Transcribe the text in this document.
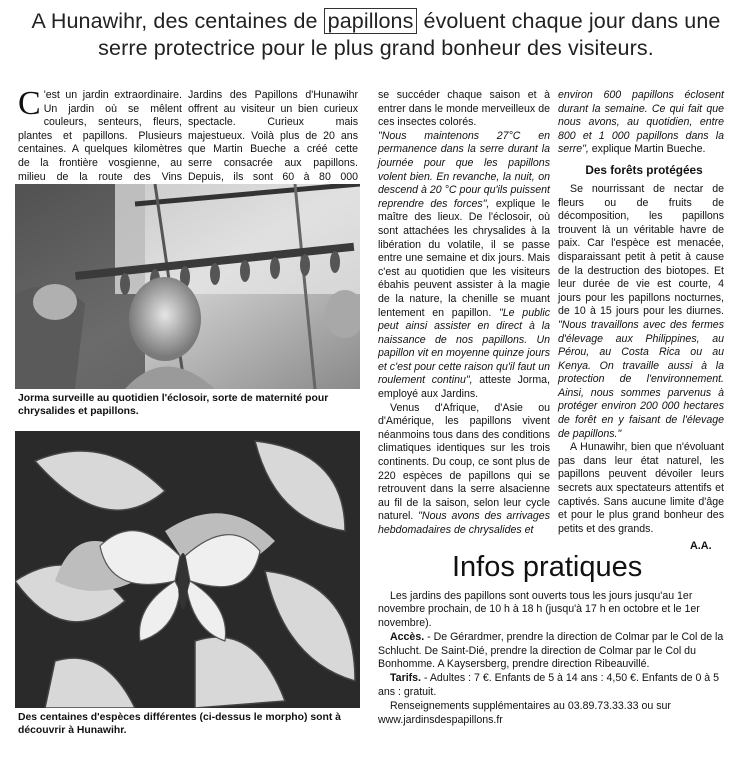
A Hunawihr, des centaines de papillons évoluent chaque jour dans une serre protectrice pour le plus grand bonheur des visiteurs.

C 'est un jardin extraordinaire. Un jardin où se mêlent couleurs, senteurs, fleurs, plantes et papillons. Plusieurs centaines. A quelques kilomètres de la frontière vosgienne, au milieu de la route des Vins

Jardins des Papillons d'Hunawihr offrent au visiteur un bien curieux spectacle. Curieux mais majestueux. Voilà plus de 20 ans que Martin Bueche a créé cette serre consacrée aux papillons. Depuis, ils sont 60 à 80 000

se succéder chaque saison et à entrer dans le monde merveilleux de ces insectes colorés.

"Nous maintenons 27°C en permanence dans la serre durant la journée pour que les papillons volent bien. En revanche, la nuit, on descend à 20 °C pour qu'ils puissent reprendre des forces", explique le maître des lieux. De l'éclosoir, où sont attachées les chrysalides à la libération du volatile, il se passe entre une semaine et dix jours. Mais c'est au quotidien que les visiteurs ébahis peuvent assister à la magie de la nature, la chenille se muant lentement en papillon. "Le public peut ainsi assister en direct à la naissance de nos papillons. Un papillon vit en moyenne quinze jours et c'est pour cette raison qu'il faut un roulement continu", atteste Jorma, employé aux Jardins.

Venus d'Afrique, d'Asie ou d'Amérique, les papillons vivent néanmoins tous dans des conditions climatiques identiques sur les trois continents. Du coup, ce sont plus de 220 espèces de papillons qui se retrouvent dans la serre alsacienne au fil de la saison, selon leur cycle naturel. "Nous avons des arrivages hebdomadaires de chrysalides et

environ 600 papillons éclosent durant la semaine. Ce qui fait que nous avons, au quotidien, entre 800 et 1 000 papillons dans la serre", explique Martin Bueche.

Se nourrissant de nectar de fleurs ou de fruits de décomposition, les papillons trouvent là un véritable havre de paix. Car l'espèce est menacée, disparaissant petit à petit à cause de la destruction des biotopes. Et leur durée de vie est courte, 4 jours pour les papillons nocturnes, de 10 à 15 jours pour les diurnes. "Nous travaillons avec des fermes d'élevage aux Philippines, au Pérou, au Costa Rica ou au Kenya. On travaille aussi à la protection de l'environnement. Ainsi, nous sommes parvenus à protéger environ 200 000 hectares de forêt en y faisant de l'élevage de papillons."

A Hunawihr, bien que n'évoluant pas dans leur état naturel, les papillons peuvent dévoiler leurs secrets aux spectateurs attentifs et captivés. Sans aucune limite d'âge et pour le plus grand bonheur des petits et des grands.

Des forêts protégées
A.A.
Jorma surveille au quotidien l'éclosoir, sorte de maternité pour chrysalides et papillons.
Des centaines d'espèces différentes (ci-dessus le morpho) sont à découvrir à Hunawihr.
Infos pratiques

Les jardins des papillons sont ouverts tous les jours jusqu'au 1er novembre prochain, de 10 h à 18 h (jusqu'à 17 h en octobre et le 1er novembre).

Accès. - De Gérardmer, prendre la direction de Colmar par le Col de la Schlucht. De Saint-Dié, prendre la direction de Colmar par le Col du Bonhomme. A Kaysersberg, prendre direction Ribeauvillé.

Tarifs. - Adultes : 7 €. Enfants de 5 à 14 ans : 4,50 €. Enfants de 0 à 5 ans : gratuit.

Renseignements supplémentaires au 03.89.73.33.33 ou sur www.jardinsdespapillons.fr
